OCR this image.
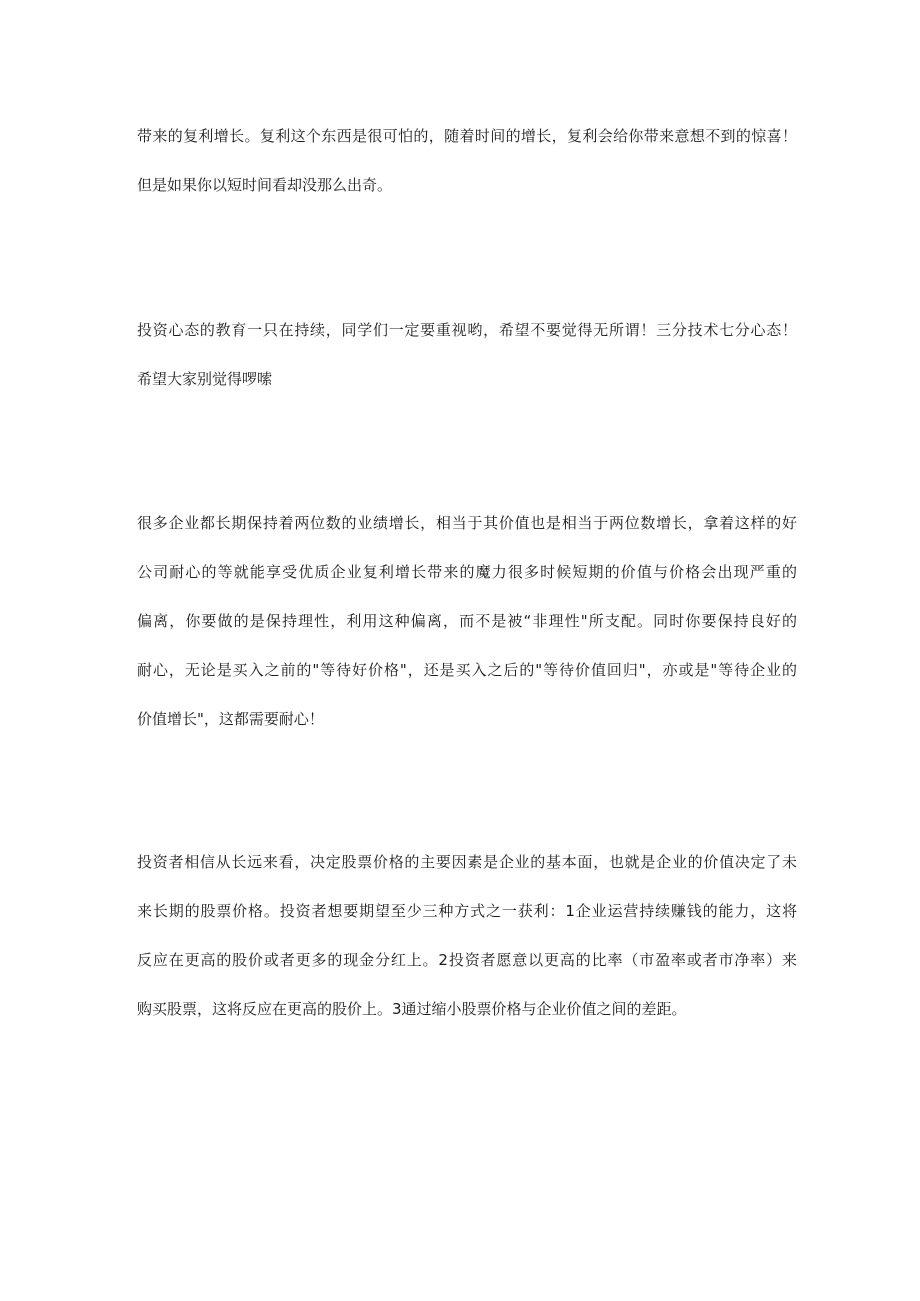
带来的复利增长。复利这个东西是很可怕的，随着时间的增长，复利会给你带来意想不到的惊喜！
但是如果你以短时间看却没那么出奇。
投资心态的教育一只在持续，同学们一定要重视哟，希望不要觉得无所谓！三分技术七分心态！
希望大家别觉得啰嗦
很多企业都长期保持着两位数的业绩增长，相当于其价值也是相当于两位数增长，拿着这样的好
公司耐心的等就能享受优质企业复利增长带来的魔力很多时候短期的价值与价格会出现严重的
偏离，你要做的是保持理性，利用这种偏离，而不是被“非理性"所支配。同时你要保持良好的
耐心，无论是买入之前的"等待好价格"，还是买入之后的"等待价值回归"，亦或是"等待企业的
价值增长"，这都需要耐心！
投资者相信从长远来看，决定股票价格的主要因素是企业的基本面，也就是企业的价值决定了未
来长期的股票价格。投资者想要期望至少三种方式之一获利：1企业运营持续赚钱的能力，这将
反应在更高的股价或者更多的现金分红上。2投资者愿意以更高的比率（市盈率或者市净率）来
购买股票，这将反应在更高的股价上。3通过缩小股票价格与企业价值之间的差距。
